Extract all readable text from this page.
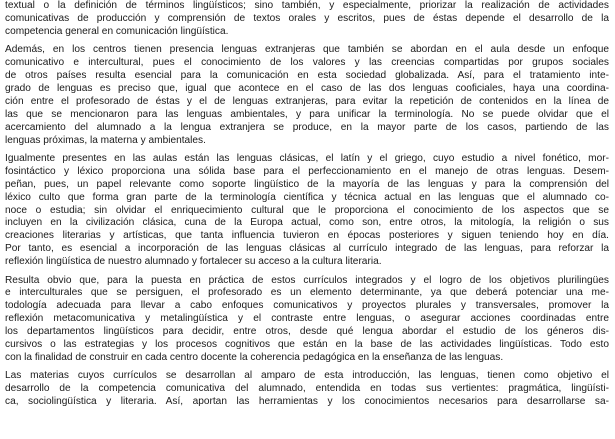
textual o la definición de términos lingüísticos; sino también, y especialmente, priorizar la realización de actividades
comunicativas de producción y comprensión de textos orales y escritos, pues de éstas depende el desarrollo de la
competencia general en comunicación lingüística.
Además, en los centros tienen presencia lenguas extranjeras que también se abordan en el aula desde un enfoque
comunicativo e intercultural, pues el conocimiento de los valores y las creencias compartidas por grupos sociales
de otros países resulta esencial para la comunicación en esta sociedad globalizada. Así, para el tratamiento inte-
grado de lenguas es preciso que, igual que acontece en el caso de las dos lenguas cooficiales, haya una coordina-
ción entre el profesorado de éstas y el de lenguas extranjeras, para evitar la repetición de contenidos en la línea de
las que se mencionaron para las lenguas ambientales, y para unificar la terminología. No se puede olvidar que el
acercamiento del alumnado a la lengua extranjera se produce, en la mayor parte de los casos, partiendo de las
lenguas próximas, la materna y ambientales.
Igualmente presentes en las aulas están las lenguas clásicas, el latín y el griego, cuyo estudio a nivel fonético, mor-
fosintáctico y léxico proporciona una sólida base para el perfeccionamiento en el manejo de otras lenguas. Desem-
peñan, pues, un papel relevante como soporte lingüístico de la mayoría de las lenguas y para la comprensión del
léxico culto que forma gran parte de la terminología científica y técnica actual en las lenguas que el alumnado co-
noce o estudia; sin olvidar el enriquecimiento cultural que le proporciona el conocimiento de los aspectos que se
incluyen en la civilización clásica, cuna de la Europa actual, como son, entre otros, la mitología, la religión o sus
creaciones literarias y artísticas, que tanta influencia tuvieron en épocas posteriores y siguen teniendo hoy en día.
Por tanto, es esencial a incorporación de las lenguas clásicas al currículo integrado de las lenguas, para reforzar la
reflexión lingüística de nuestro alumnado y fortalecer su acceso a la cultura literaria.
Resulta obvio que, para la puesta en práctica de estos currículos integrados y el logro de los objetivos plurilingües
e interculturales que se persiguen, el profesorado es un elemento determinante, ya que deberá potenciar una me-
todología adecuada para llevar a cabo enfoques comunicativos y proyectos plurales y transversales, promover la
reflexión metacomunicativa y metalingüística y el contraste entre lenguas, o asegurar acciones coordinadas entre
los departamentos lingüísticos para decidir, entre otros, desde qué lengua abordar el estudio de los géneros dis-
cursivos o las estrategias y los procesos cognitivos que están en la base de las actividades lingüísticas. Todo esto
con la finalidad de construir en cada centro docente la coherencia pedagógica en la enseñanza de las lenguas.
Las materias cuyos currículos se desarrollan al amparo de esta introducción, las lenguas, tienen como objetivo el
desarrollo de la competencia comunicativa del alumnado, entendida en todas sus vertientes: pragmática, lingüísti-
ca, sociolingüística y literaria. Así, aportan las herramientas y los conocimientos necesarios para desarrollarse sa-
